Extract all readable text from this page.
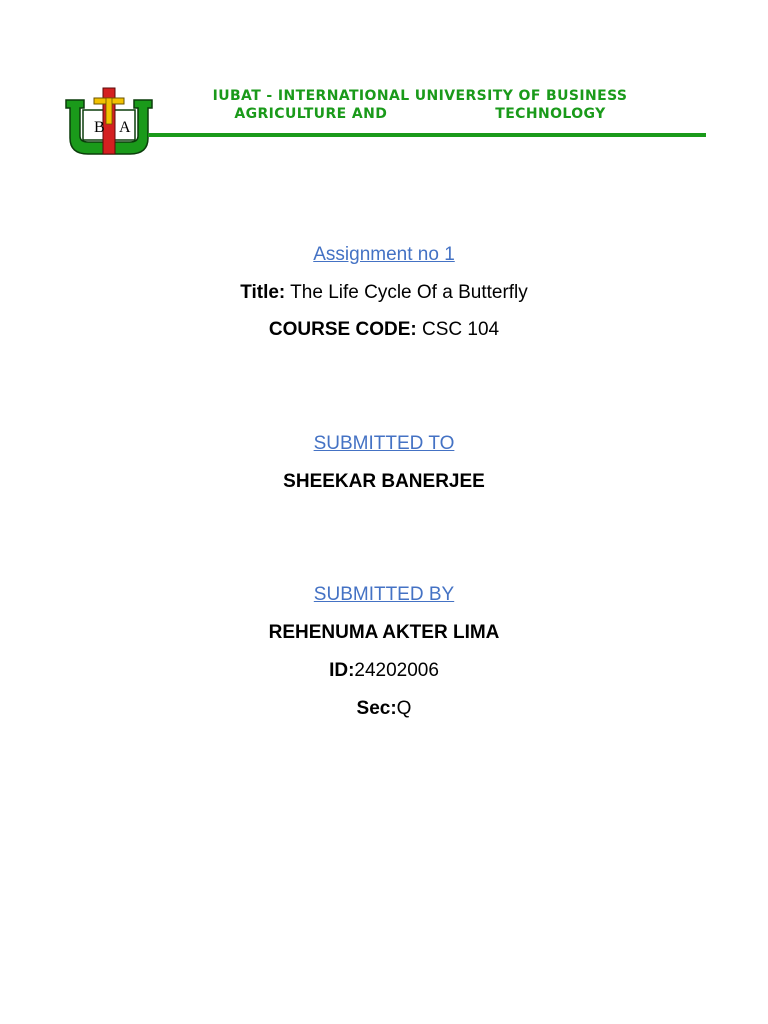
B A
IUBAT - INTERNATIONAL UNIVERSITY OF BUSINESS
AGRICULTURE AND	TECHNOLOGY
Assignment no 1
Title: The Life Cycle Of a Butterfly
COURSE CODE: CSC 104
SUBMITTED TO
SHEEKAR BANERJEE
SUBMITTED BY
REHENUMA AKTER LIMA
ID:24202006
Sec:Q
